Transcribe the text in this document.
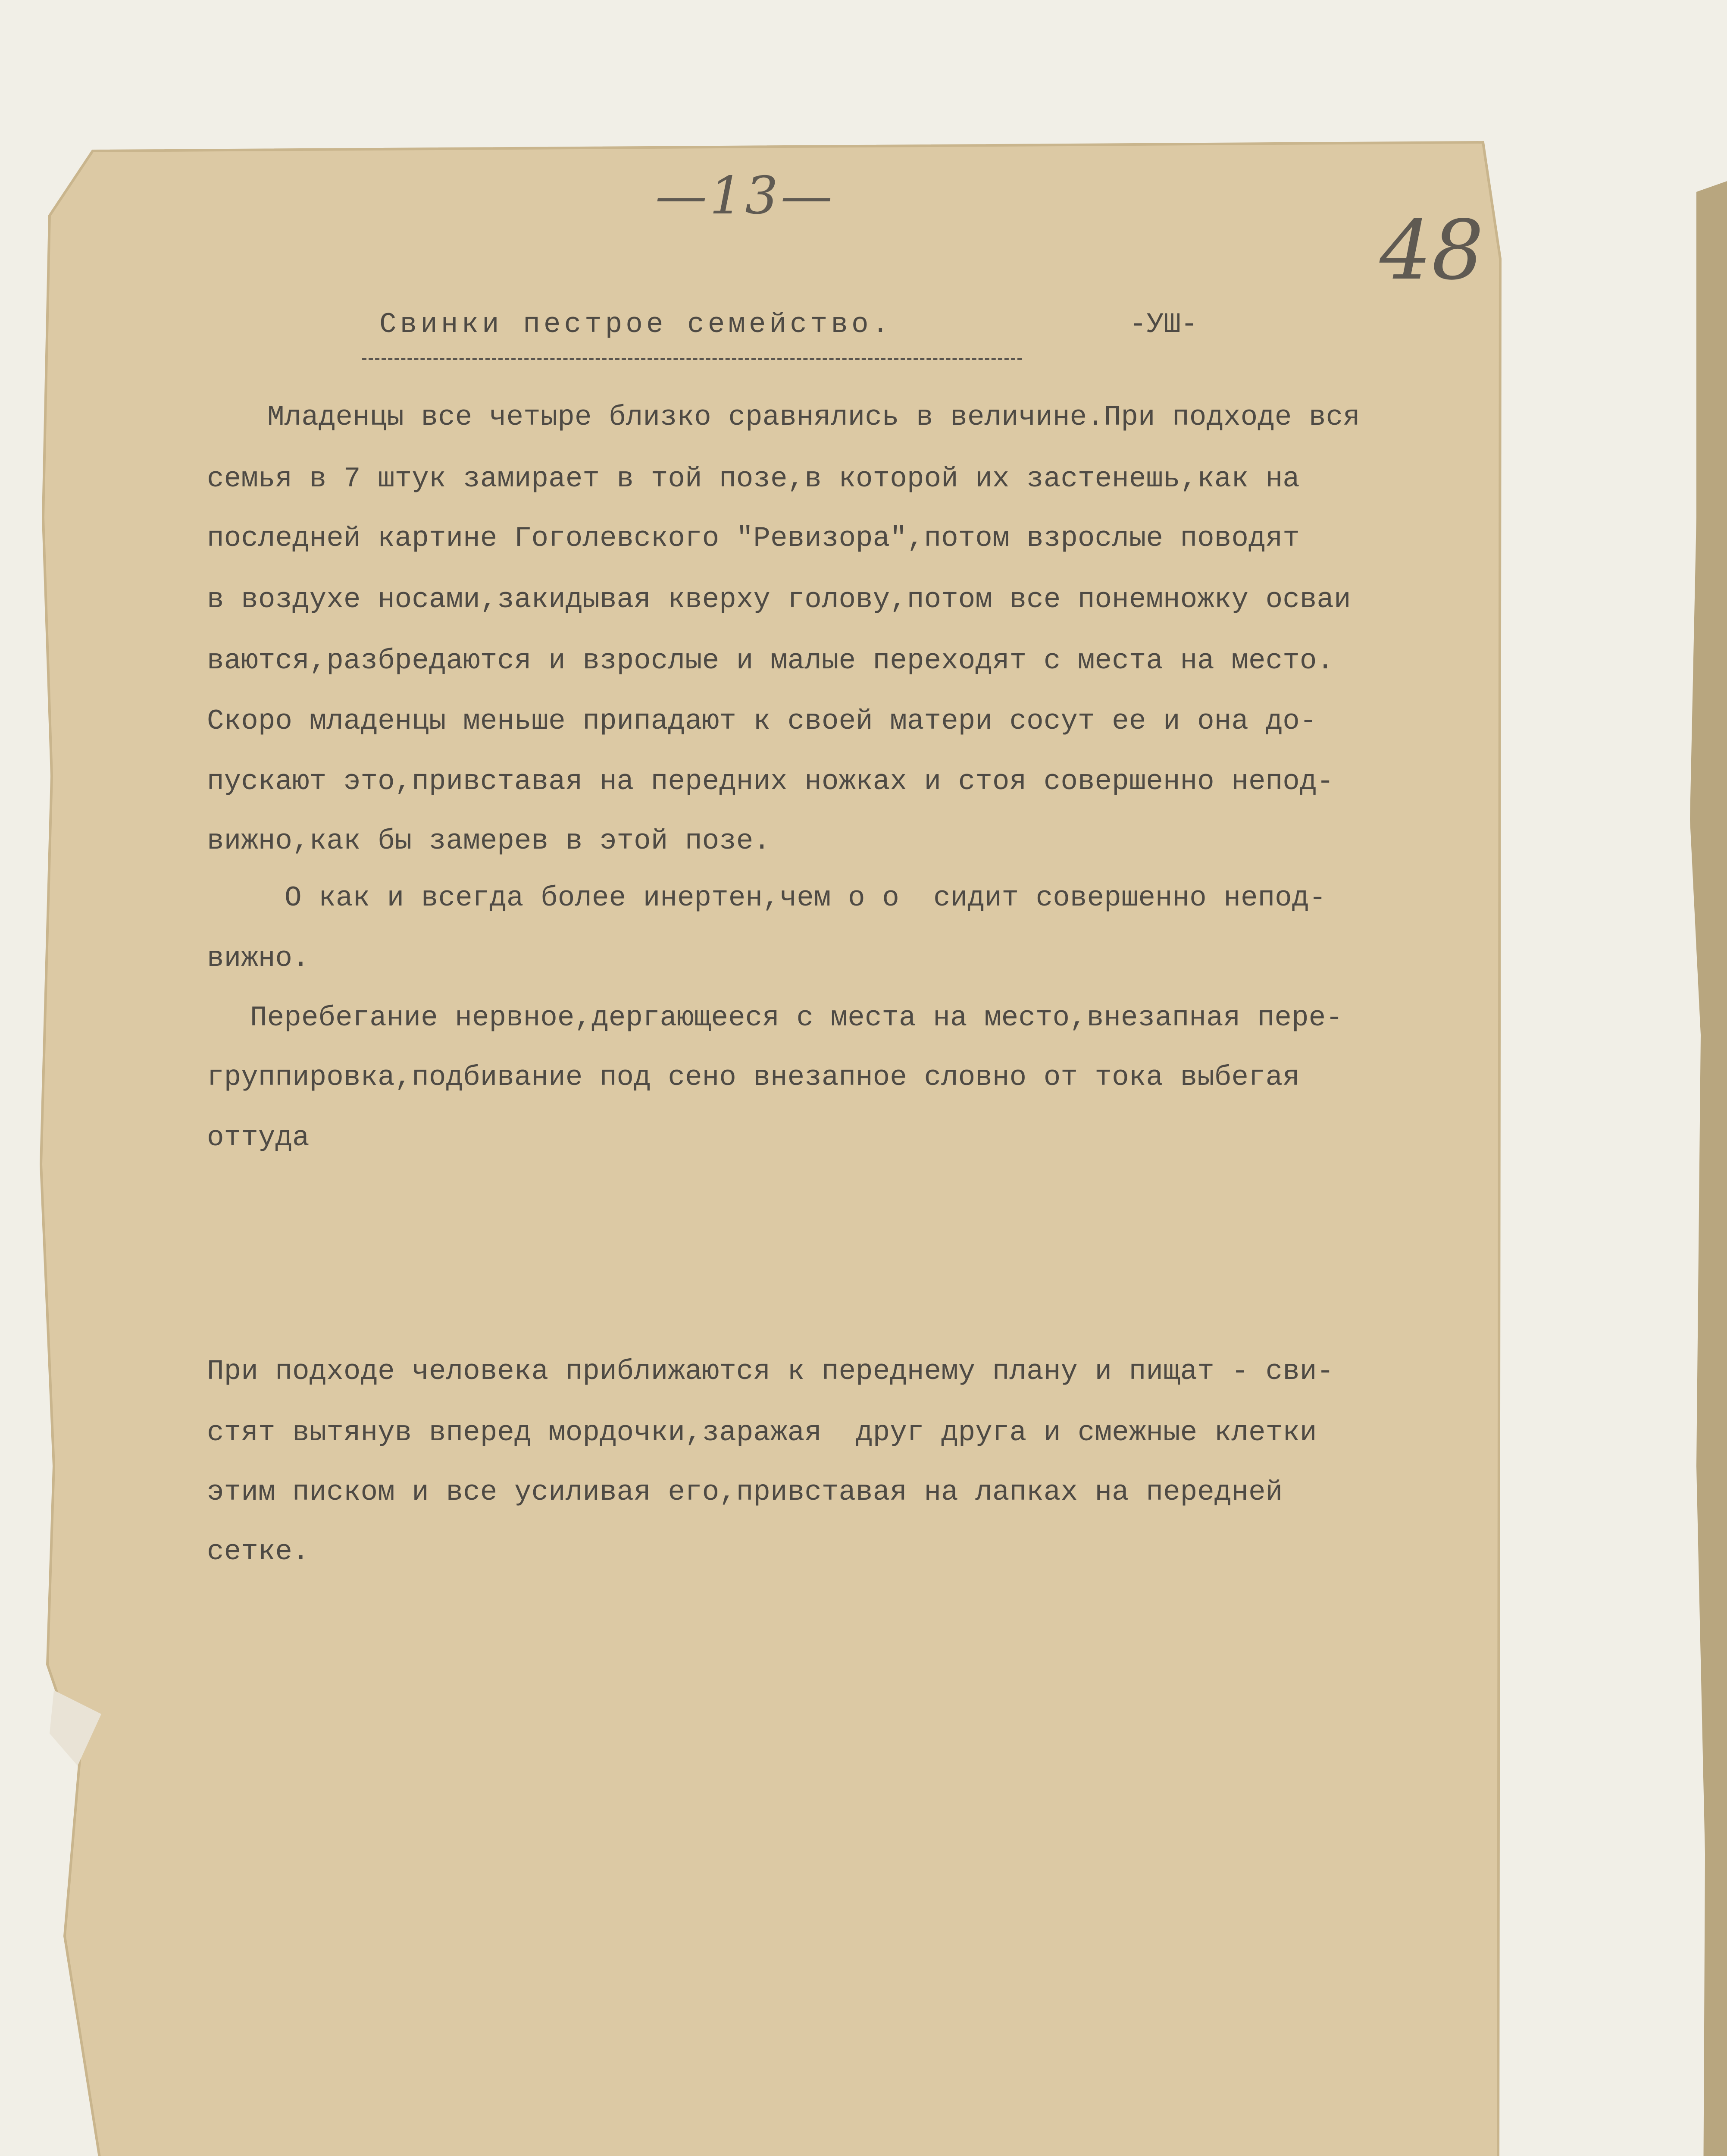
—13—
48
Свинки пестрое семейство.	-УШ-
Младенцы все четыре близко сравнялись в величине.При подходе вся
семья в 7 штук замирает в той позе,в которой их застенешь,как на
последней картине Гоголевского "Ревизора",потом взрослые поводят
в воздухе носами,закидывая кверху голову,потом все понемножку осваи
ваются,разбредаются и взрослые и малые переходят с места на место.
Скоро младенцы меньше припадают к своей матери сосут ее и она до-
пускают это,привставая на передних ножках и стоя совершенно непод-
вижно,как бы замерев в этой позе.
О как и всегда более инертен,чем о о  сидит совершенно непод-
вижно.
Перебегание нервное,дергающееся с места на место,внезапная пере-
группировка,подбивание под сено внезапное словно от тока выбегая
оттуда
При подходе человека приближаются к переднему плану и пищат - сви-
стят вытянув вперед мордочки,заражая  друг друга и смежные клетки
этим писком и все усиливая его,привставая на лапках на передней
сетке.
